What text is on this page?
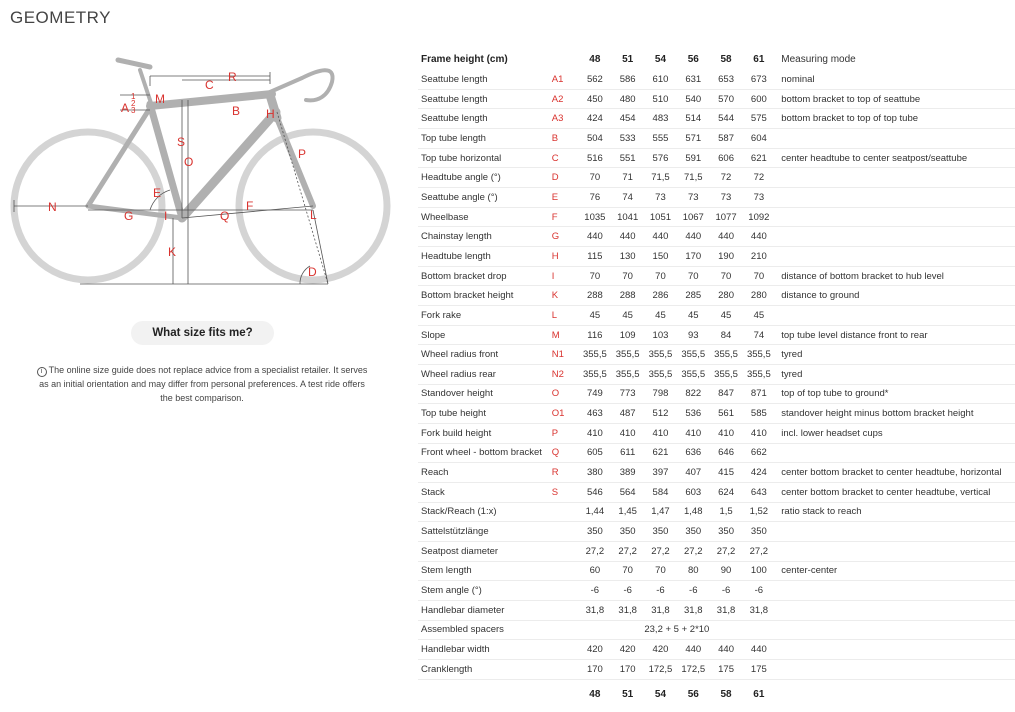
GEOMETRY
R
C
B H
A
1
2
3
M
S
O
P
E
N
G	I	Q
F
L
K
D
What size fits me?

i The online size guide does not replace advice from a specialist retailer. It serves as an initial orientation and may differ from personal preferences. A test ride offers the best comparison.

Frame height (cm)		48	51	54	56	58	61	Measuring mode
Seattube length	A1	562	586	610	631	653	673	nominal
Seattube length	A2	450	480	510	540	570	600	bottom bracket to top of seattube
Seattube length	A3	424	454	483	514	544	575	bottom bracket to top of top tube
Top tube length	B	504	533	555	571	587	604	
Top tube horizontal	C	516	551	576	591	606	621	center headtube to center seatpost/seattube
Headtube angle (°)	D	70	71	71,5	71,5	72	72	
Seattube angle (°)	E	76	74	73	73	73	73	
Wheelbase	F	1035	1041	1051	1067	1077	1092	
Chainstay length	G	440	440	440	440	440	440	
Headtube length	H	115	130	150	170	190	210	
Bottom bracket drop	I	70	70	70	70	70	70	distance of bottom bracket to hub level
Bottom bracket height	K	288	288	286	285	280	280	distance to ground
Fork rake	L	45	45	45	45	45	45	
Slope	M	116	109	103	93	84	74	top tube level distance front to rear
Wheel radius front	N1	355,5	355,5	355,5	355,5	355,5	355,5	tyred
Wheel radius rear	N2	355,5	355,5	355,5	355,5	355,5	355,5	tyred
Standover height	O	749	773	798	822	847	871	top of top tube to ground*
Top tube height	O1	463	487	512	536	561	585	standover height minus bottom bracket height
Fork build height	P	410	410	410	410	410	410	incl. lower headset cups
Front wheel - bottom bracket	Q	605	611	621	636	646	662	
Reach	R	380	389	397	407	415	424	center bottom bracket to center headtube, horizontal
Stack	S	546	564	584	603	624	643	center bottom bracket to center headtube, vertical
Stack/Reach (1:x)		1,44	1,45	1,47	1,48	1,5	1,52	ratio stack to reach
Sattelstützlänge		350	350	350	350	350	350	
Seatpost diameter		27,2	27,2	27,2	27,2	27,2	27,2	
Stem length		60	70	70	80	90	100	center-center
Stem angle (°)		-6	-6	-6	-6	-6	-6	
Handlebar diameter		31,8	31,8	31,8	31,8	31,8	31,8	
Assembled spacers		23,2 + 5 + 2*10						
Handlebar width		420	420	420	440	440	440	
Cranklength		170	170	172,5	172,5	175	175	
		48	51	54	56	58	61	
